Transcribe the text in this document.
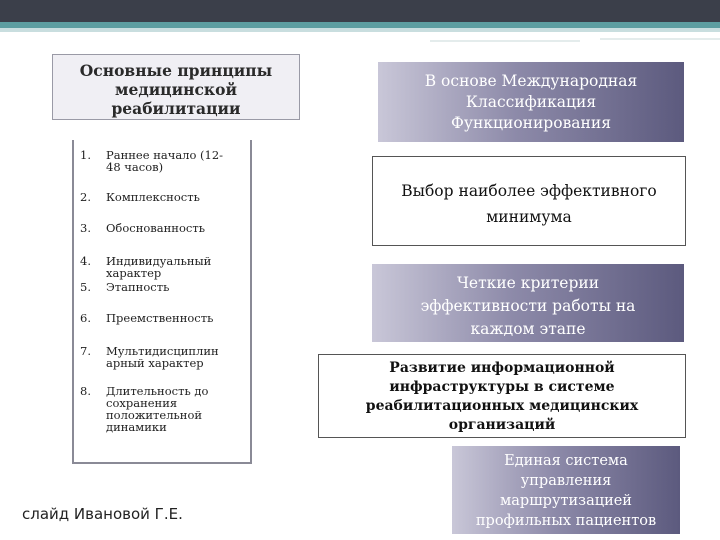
Основные принципы медицинской реабилитации
1.	Раннее начало (12-
48 часов)
2.	Комплексность
3.	Обоснованность
4.	Индивидуальный
характер
5.	Этапность
6.	Преемственность
7.	Мультидисциплин
арный характер
8.	Длительность до
сохранения
положительной
динамики
В основе Международная Классификация Функционирования
Выбор наиболее эффективного минимума
Четкие критерии эффективности работы на каждом этапе
Развитие информационной инфраструктуры в системе реабилитационных медицинских организаций
Единая система управления маршрутизацией профильных пациентов
слайд Ивановой Г.Е.
